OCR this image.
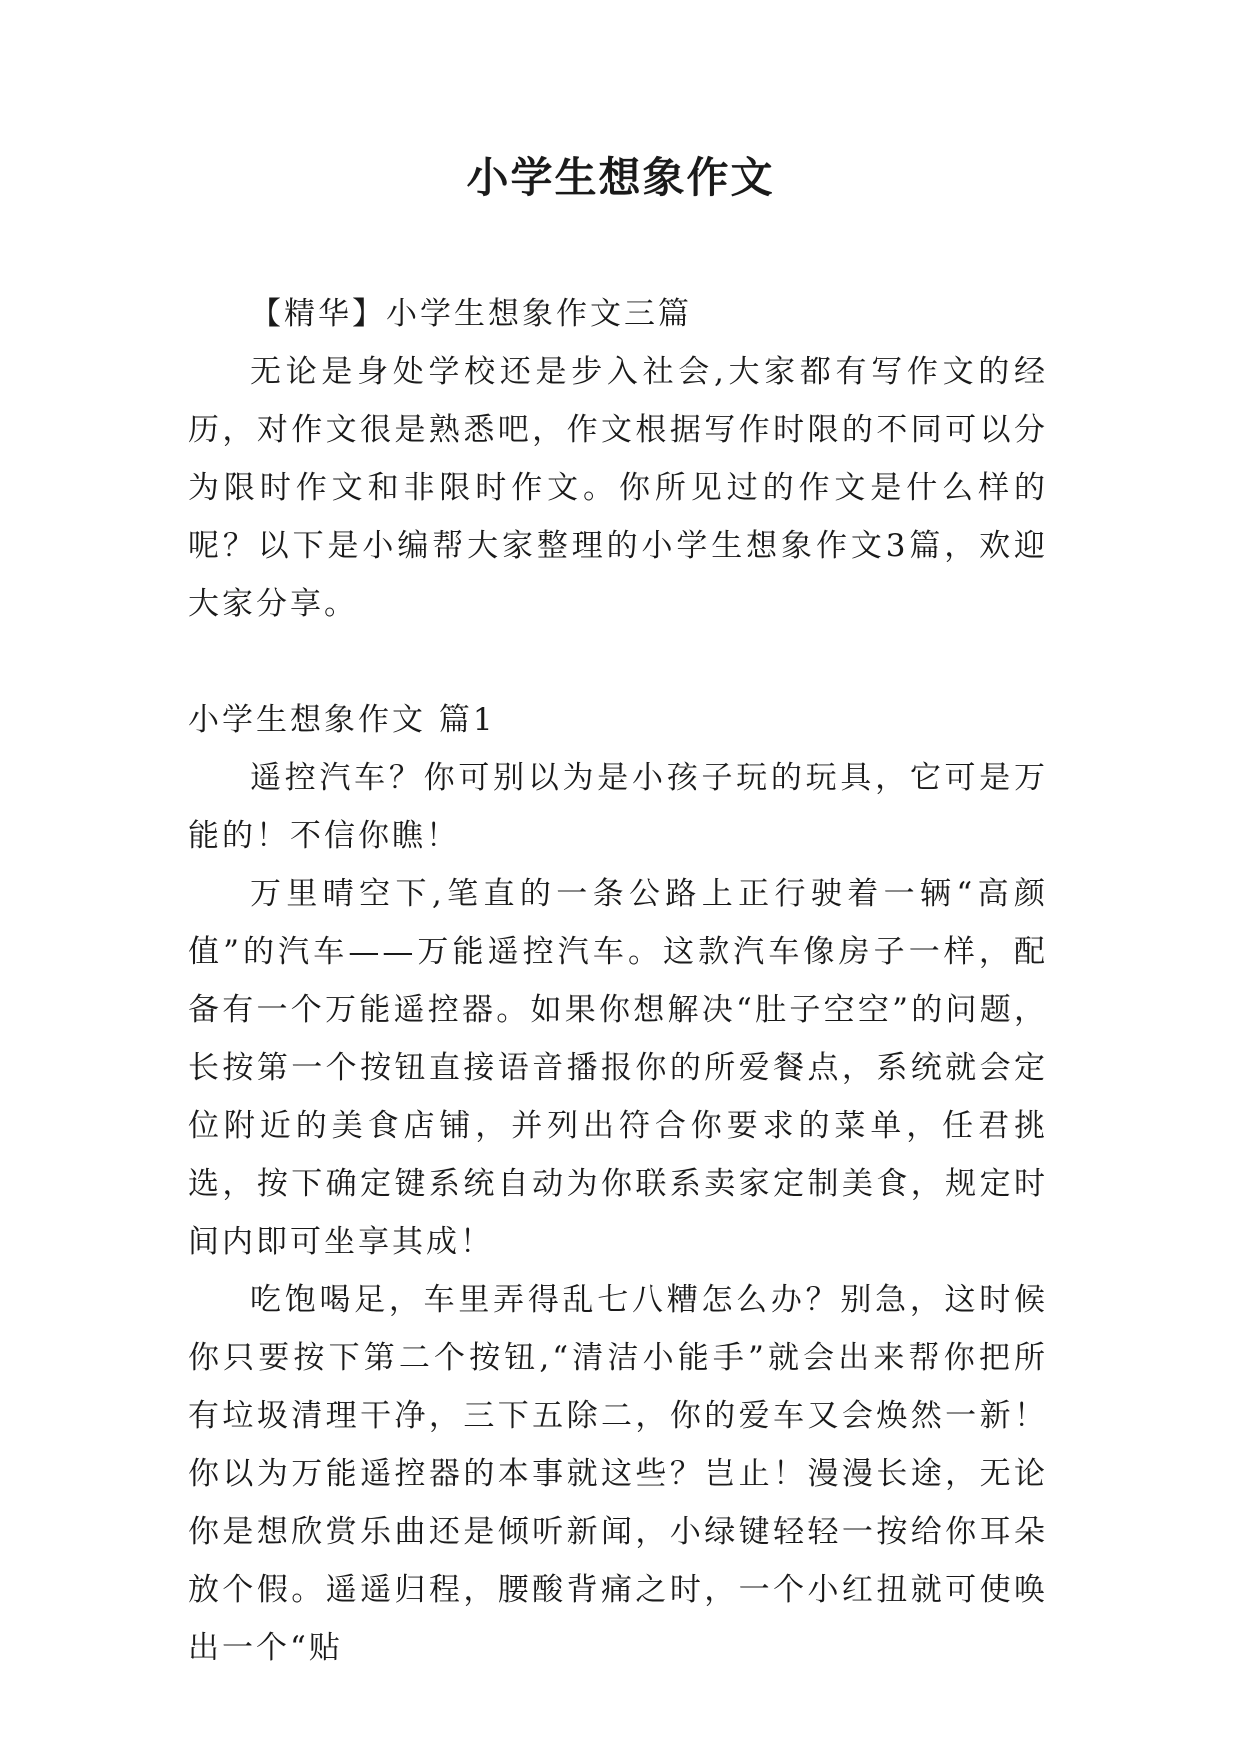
小学生想象作文

【精华】小学生想象作文三篇

无论是身处学校还是步入社会,大家都有写作文的经历，对作文很是熟悉吧，作文根据写作时限的不同可以分为限时作文和非限时作文。你所见过的作文是什么样的呢？以下是小编帮大家整理的小学生想象作文3篇，欢迎大家分享。

小学生想象作文 篇1

遥控汽车？你可别以为是小孩子玩的玩具，它可是万能的！不信你瞧！

万里晴空下,笔直的一条公路上正行驶着一辆“高颜值”的汽车——万能遥控汽车。这款汽车像房子一样，配备有一个万能遥控器。如果你想解决“肚子空空”的问题，长按第一个按钮直接语音播报你的所爱餐点，系统就会定位附近的美食店铺，并列出符合你要求的菜单，任君挑选，按下确定键系统自动为你联系卖家定制美食，规定时间内即可坐享其成！

吃饱喝足，车里弄得乱七八糟怎么办？别急，这时候你只要按下第二个按钮,“清洁小能手”就会出来帮你把所有垃圾清理干净，三下五除二，你的爱车又会焕然一新！你以为万能遥控器的本事就这些？岂止！漫漫长途，无论你是想欣赏乐曲还是倾听新闻，小绿键轻轻一按给你耳朵放个假。遥遥归程，腰酸背痛之时，一个小红扭就可使唤出一个“贴
